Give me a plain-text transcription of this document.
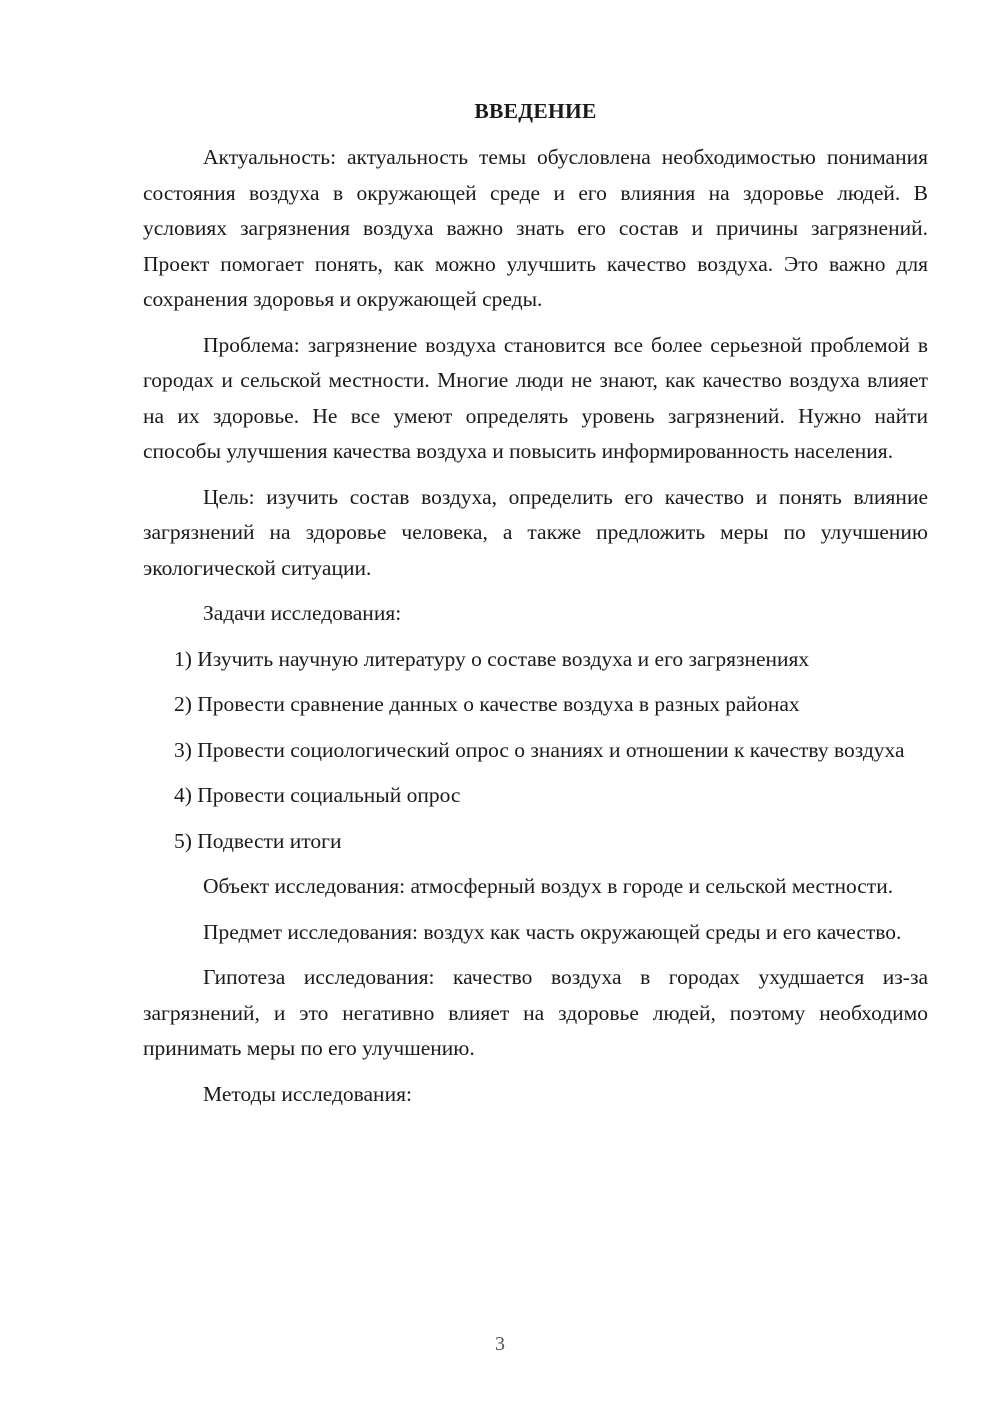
ВВЕДЕНИЕ
Актуальность: актуальность темы обусловлена необходимостью понимания состояния воздуха в окружающей среде и его влияния на здоровье людей. В условиях загрязнения воздуха важно знать его состав и причины загрязнений. Проект помогает понять, как можно улучшить качество воздуха. Это важно для сохранения здоровья и окружающей среды.
Проблема: загрязнение воздуха становится все более серьезной проблемой в городах и сельской местности. Многие люди не знают, как качество воздуха влияет на их здоровье. Не все умеют определять уровень загрязнений. Нужно найти способы улучшения качества воздуха и повысить информированность населения.
Цель: изучить состав воздуха, определить его качество и понять влияние загрязнений на здоровье человека, а также предложить меры по улучшению экологической ситуации.
Задачи исследования:
1) Изучить научную литературу о составе воздуха и его загрязнениях
2) Провести сравнение данных о качестве воздуха в разных районах
3) Провести социологический опрос о знаниях и отношении к качеству воздуха
4) Провести социальный опрос
5) Подвести итоги
Объект исследования: атмосферный воздух в городе и сельской местности.
Предмет исследования: воздух как часть окружающей среды и его качество.
Гипотеза исследования: качество воздуха в городах ухудшается из-за загрязнений, и это негативно влияет на здоровье людей, поэтому необходимо принимать меры по его улучшению.
Методы исследования:
3
